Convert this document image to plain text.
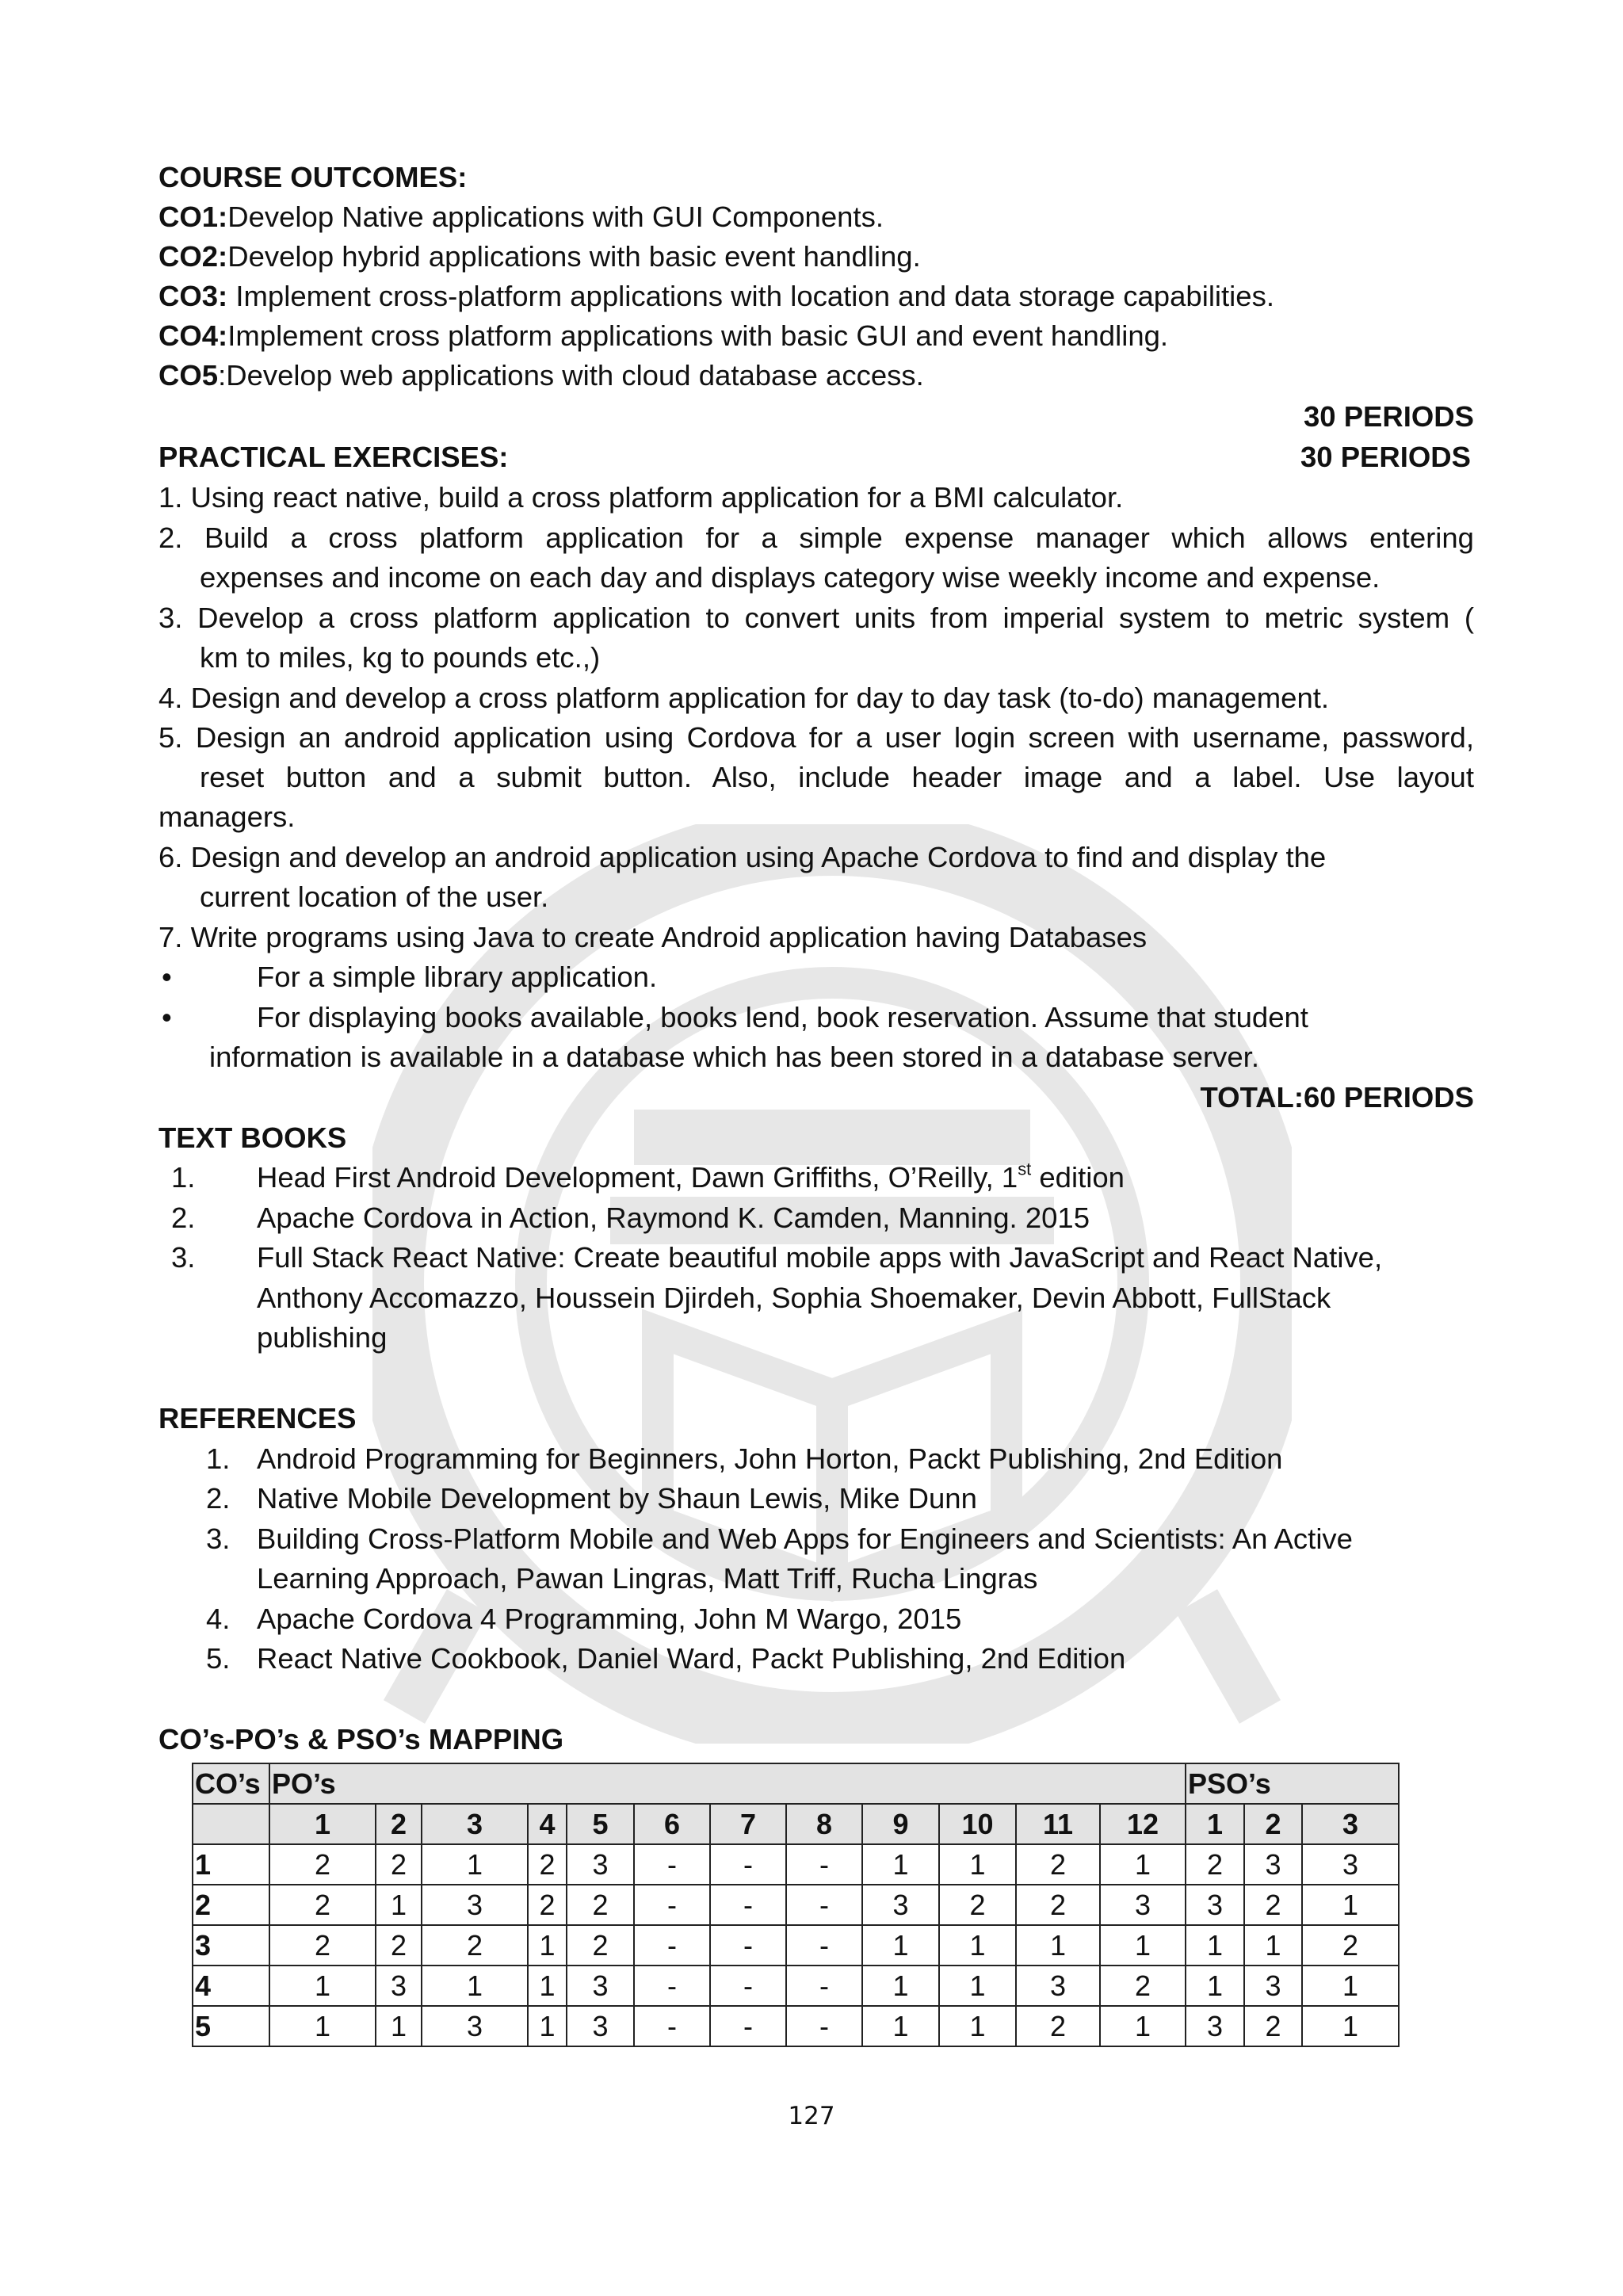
COURSE OUTCOMES:
CO1:Develop Native applications with GUI Components.
CO2:Develop hybrid applications with basic event handling.
CO3: Implement cross-platform applications with location and data storage capabilities.
CO4:Implement cross platform applications with basic GUI and event handling.
CO5:Develop web applications with cloud database access.
30 PERIODS
PRACTICAL EXERCISES:	30 PERIODS
1. Using react native, build a cross platform application for a BMI calculator.
2. Build a cross platform application for a simple expense manager which allows entering
expenses and income on each day and displays category wise weekly income and expense.
3. Develop a cross platform application to convert units from imperial system to metric system (
km to miles, kg to pounds etc.,)
4. Design and develop a cross platform application for day to day task (to-do) management.
5. Design an android application using Cordova for a user login screen with username, password,
reset button and a submit button. Also, include header image and a label. Use layout
managers.
6. Design and develop an android application using Apache Cordova to find and display the
current location of the user.
7. Write programs using Java to create Android application having Databases
•	For a simple library application.
•	For displaying books available, books lend, book reservation. Assume that student
information is available in a database which has been stored in a database server.
TOTAL:60 PERIODS
TEXT BOOKS
1. Head First Android Development, Dawn Griffiths, O’Reilly, 1st edition
2. Apache Cordova in Action, Raymond K. Camden, Manning. 2015
3. Full Stack React Native: Create beautiful mobile apps with JavaScript and React Native,
Anthony Accomazzo, Houssein Djirdeh, Sophia Shoemaker, Devin Abbott, FullStack
publishing
REFERENCES
1. Android Programming for Beginners, John Horton, Packt Publishing, 2nd Edition
2. Native Mobile Development by Shaun Lewis, Mike Dunn
3. Building Cross-Platform Mobile and Web Apps for Engineers and Scientists: An Active
Learning Approach, Pawan Lingras, Matt Triff, Rucha Lingras
4. Apache Cordova 4 Programming, John M Wargo, 2015
5. React Native Cookbook, Daniel Ward, Packt Publishing, 2nd Edition
CO’s-PO’s & PSO’s MAPPING
CO’s	PO’s												PSO’s		
	1	2	3	4	5	6	7	8	9	10	11	12	1	2	3
1	2	2	1	2	3	-	-	-	1	1	2	1	2	3	3
2	2	1	3	2	2	-	-	-	3	2	2	3	3	2	1
3	2	2	2	1	2	-	-	-	1	1	1	1	1	1	2
4	1	3	1	1	3	-	-	-	1	1	3	2	1	3	1
5	1	1	3	1	3	-	-	-	1	1	2	1	3	2	1
127
